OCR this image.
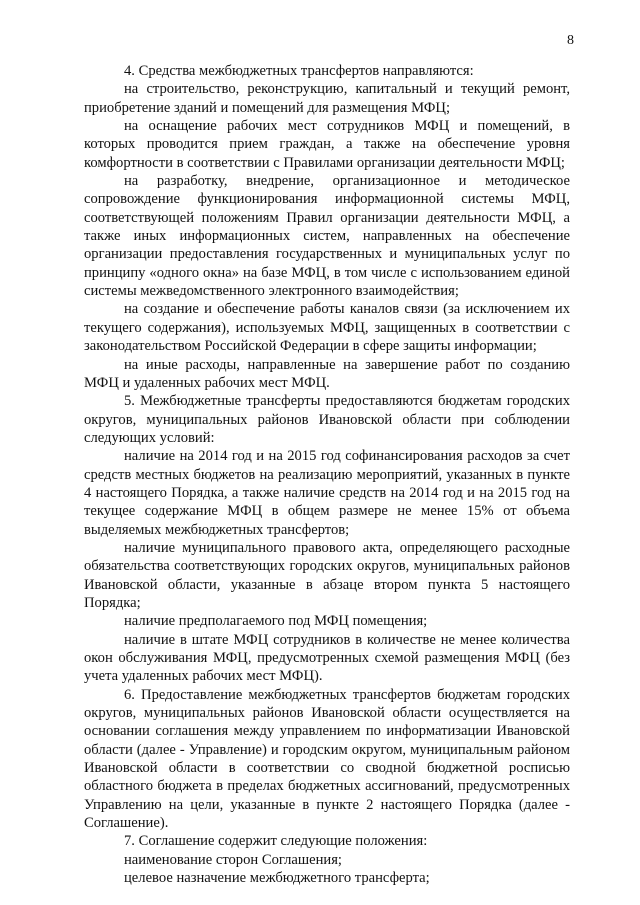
8

4. Средства межбюджетных трансфертов направляются:

на строительство, реконструкцию, капитальный и текущий ремонт, приобретение зданий и помещений для размещения МФЦ;

на оснащение рабочих мест сотрудников МФЦ и помещений, в которых проводится прием граждан, а также на обеспечение уровня комфортности в соответствии с Правилами организации деятельности МФЦ;

на разработку, внедрение, организационное и методическое сопровождение функционирования информационной системы МФЦ, соответствующей положениям Правил организации деятельности МФЦ, а также иных информационных систем, направленных на обеспечение организации предоставления государственных и муниципальных услуг по принципу «одного окна» на базе МФЦ, в том числе с использованием единой системы межведомственного электронного взаимодействия;

на создание и обеспечение работы каналов связи (за исключением их текущего содержания), используемых МФЦ, защищенных в соответствии с законодательством Российской Федерации в сфере защиты информации;

на иные расходы, направленные на завершение работ по созданию МФЦ и удаленных рабочих мест МФЦ.

5. Межбюджетные трансферты предоставляются бюджетам городских округов, муниципальных районов Ивановской области при соблюдении следующих условий:

наличие на 2014 год и на 2015 год софинансирования расходов за счет средств местных бюджетов на реализацию мероприятий, указанных в пункте 4 настоящего Порядка, а также наличие средств на 2014 год и на 2015 год на текущее содержание МФЦ в общем размере не менее 15% от объема выделяемых межбюджетных трансфертов;

наличие муниципального правового акта, определяющего расходные обязательства соответствующих городских округов, муниципальных районов Ивановской области, указанные в абзаце втором пункта 5 настоящего Порядка;

наличие предполагаемого под МФЦ помещения;

наличие в штате МФЦ сотрудников в количестве не менее количества окон обслуживания МФЦ, предусмотренных схемой размещения МФЦ (без учета удаленных рабочих мест МФЦ).

6. Предоставление межбюджетных трансфертов бюджетам городских округов, муниципальных районов Ивановской области осуществляется на основании соглашения между управлением по информатизации Ивановской области (далее - Управление) и городским округом, муниципальным районом Ивановской области в соответствии со сводной бюджетной росписью областного бюджета в пределах бюджетных ассигнований, предусмотренных Управлению на цели, указанные в пункте 2 настоящего Порядка (далее - Соглашение).

7. Соглашение содержит следующие положения:

наименование сторон Соглашения;

целевое назначение межбюджетного трансферта;
